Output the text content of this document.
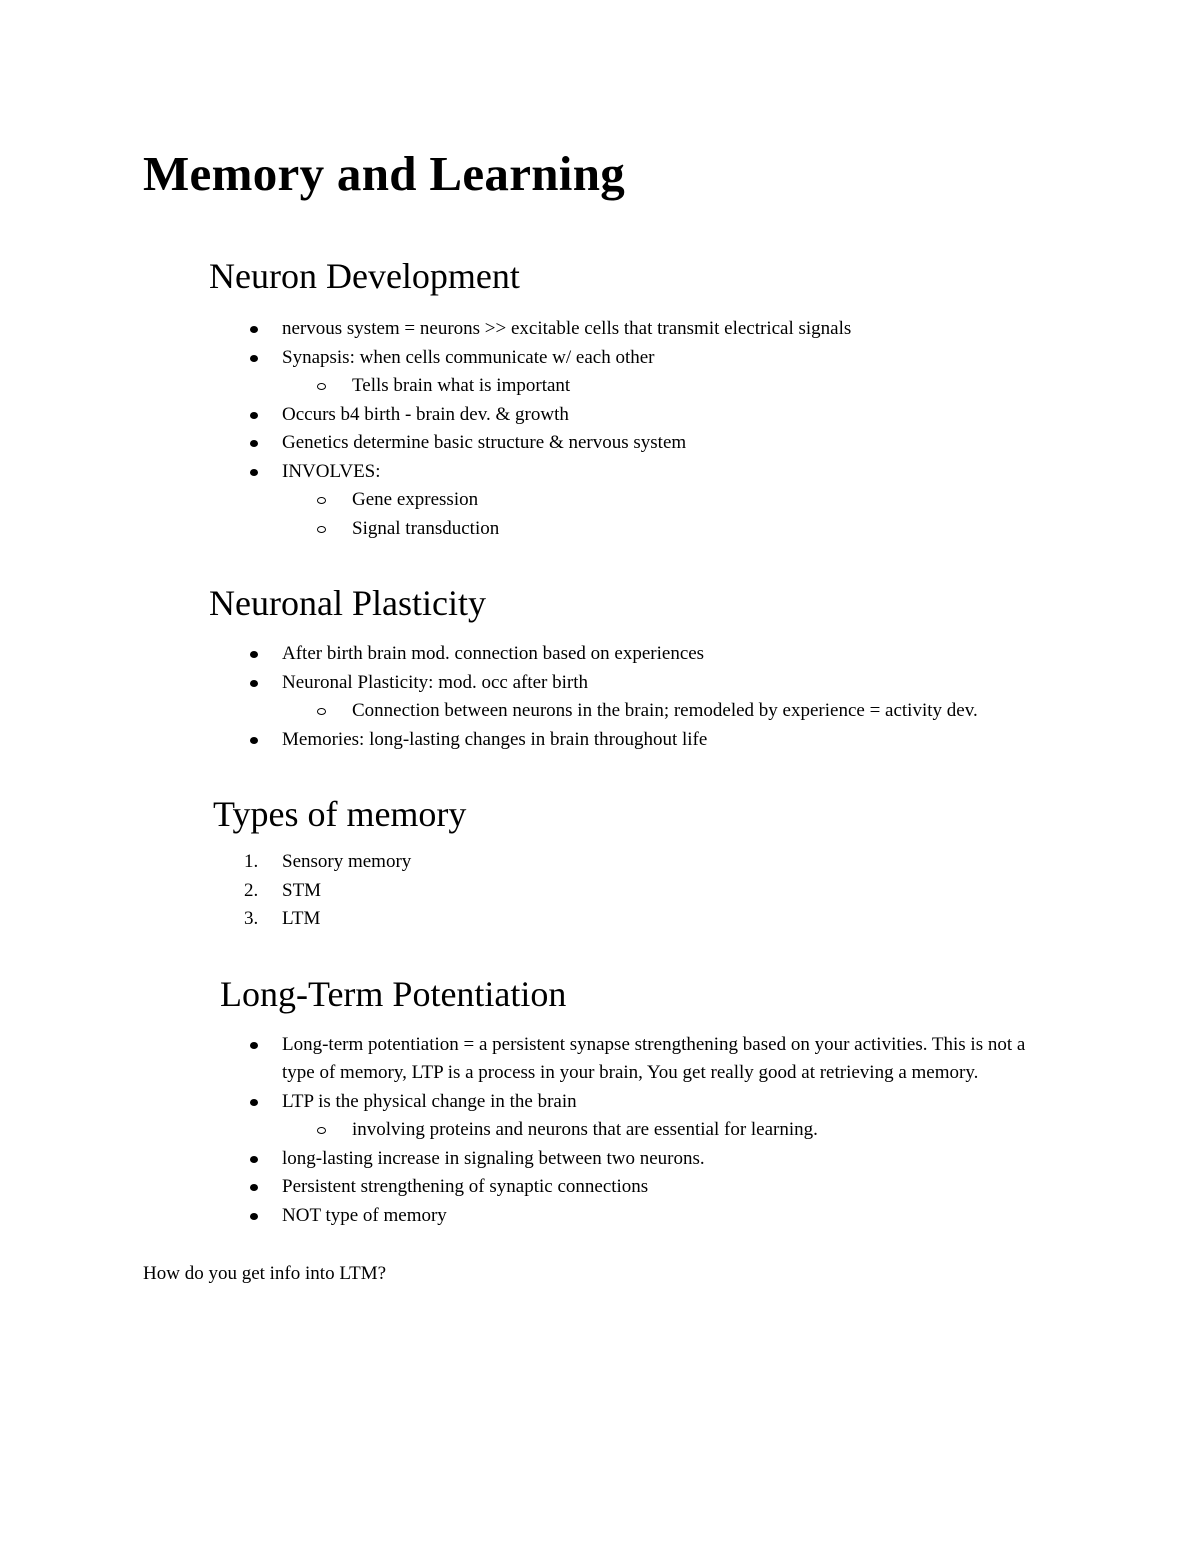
Memory and Learning
Neuron Development
nervous system = neurons >> excitable cells that transmit electrical signals
Synapsis: when cells communicate w/ each other
Tells brain what is important
Occurs b4 birth - brain dev. & growth
Genetics determine basic structure & nervous system
INVOLVES:
Gene expression
Signal transduction
Neuronal Plasticity
After birth brain mod. connection based on experiences
Neuronal Plasticity: mod. occ after birth
Connection between neurons in the brain; remodeled by experience = activity dev.
Memories: long-lasting changes in brain throughout life
Types of memory
1.	Sensory memory
2.	STM
3.	LTM
Long-Term Potentiation
Long-term potentiation = a persistent synapse strengthening based on your activities. This is not a type of memory, LTP is a process in your brain, You get really good at retrieving a memory.
LTP is the physical change in the brain
involving proteins and neurons that are essential for learning.
long-lasting increase in signaling between two neurons.
Persistent strengthening of synaptic connections
NOT type of memory

How do you get info into LTM?
